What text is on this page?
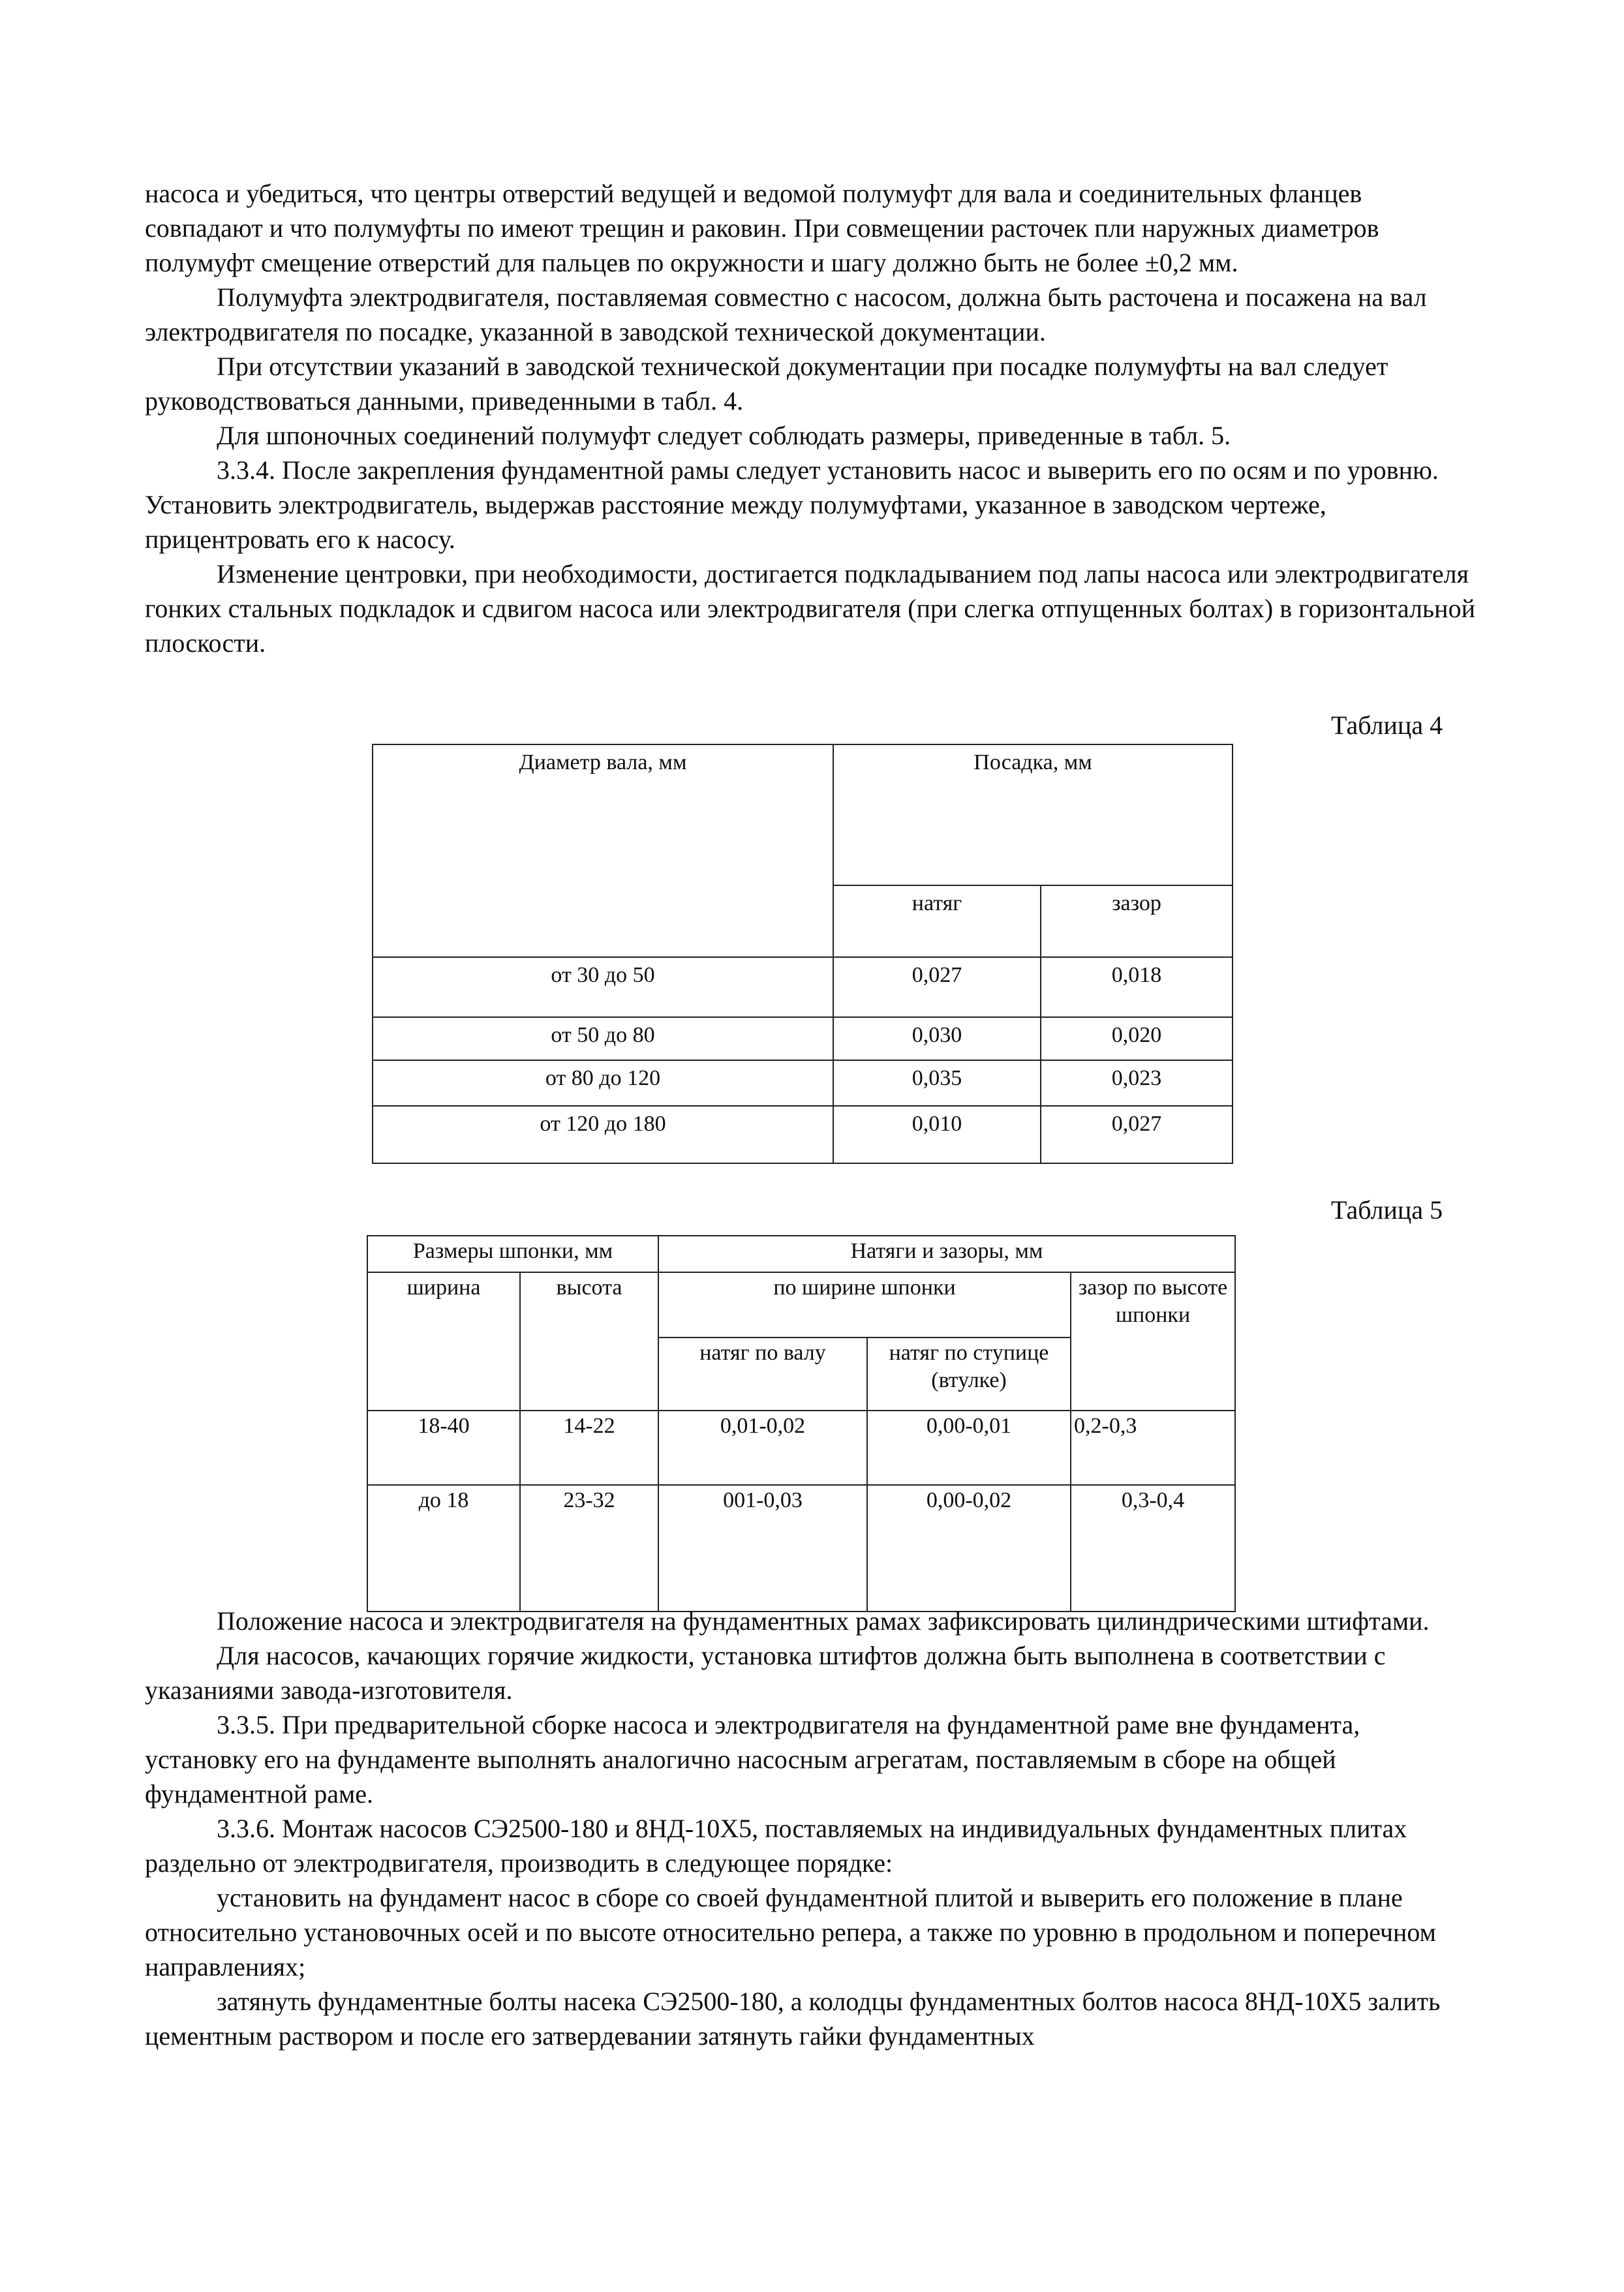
насоса и убедиться, что центры отверстий ведущей и ведомой полумуфт для вала и соединительных фланцев совпадают и что полумуфты по имеют трещин и раковин. При совмещении расточек пли наружных диаметров полумуфт смещение отверстий для пальцев по окружности и шагу должно быть не более ±0,2 мм.

Полумуфта электродвигателя, поставляемая совместно с насосом, должна быть расточена и посажена на вал электродвигателя по посадке, указанной в заводской технической документации.

При отсутствии указаний в заводской технической документации при посадке полумуфты на вал следует руководствоваться данными, приведенными в табл. 4.

Для шпоночных соединений полумуфт следует соблюдать размеры, приведенные в табл. 5.

3.3.4. После закрепления фундаментной рамы следует установить насос и выверить его по осям и по уровню. Установить электродвигатель, выдержав расстояние между полумуфтами, указанное в заводском чертеже, прицентровать его к насосу.

Изменение центровки, при необходимости, достигается подкладыванием под лапы насоса или электродвигателя гонких стальных подкладок и сдвигом насоса или электродвигателя (при слегка отпущенных болтах) в горизонтальной плоскости.

Таблица 4
Диаметр вала, мм	Посадка, мм	
	натяг	зазор
от 30 до 50	0,027	0,018
от 50 до 80	0,030	0,020
от 80 до 120	0,035	0,023
от 120 до 180	0,010	0,027
Таблица 5
Размеры шпонки, мм		Натяги и зазоры, мм		
ширина	высота	по ширине шпонки		зазор по высоте шпонки
		натяг по валу	натяг по ступице (втулке)	
18-40	14-22	0,01-0,02	0,00-0,01	0,2-0,3
до 18	23-32	001-0,03	0,00-0,02	0,3-0,4

Положение насоса и электродвигателя на фундаментных рамах зафиксировать цилиндрическими штифтами.

Для насосов, качающих горячие жидкости, установка штифтов должна быть выполнена в соответствии с указаниями завода-изготовителя.

3.3.5. При предварительной сборке насоса и электродвигателя на фундаментной раме вне фундамента, установку его на фундаменте выполнять аналогично насосным агрегатам, поставляемым в сборе на общей фундаментной раме.

3.3.6. Монтаж насосов СЭ2500-180 и 8НД-10Х5, поставляемых на индивидуальных фундаментных плитах раздельно от электродвигателя, производить в следующее порядке:

установить на фундамент насос в сборе со своей фундаментной плитой и выверить его положение в плане относительно установочных осей и по высоте относительно репера, а также по уровню в продольном и поперечном направлениях;

затянуть фундаментные болты насека СЭ2500-180, а колодцы фундаментных болтов насоса 8НД-10Х5 залить цементным раствором и после его затвердевании затянуть гайки фундаментных
